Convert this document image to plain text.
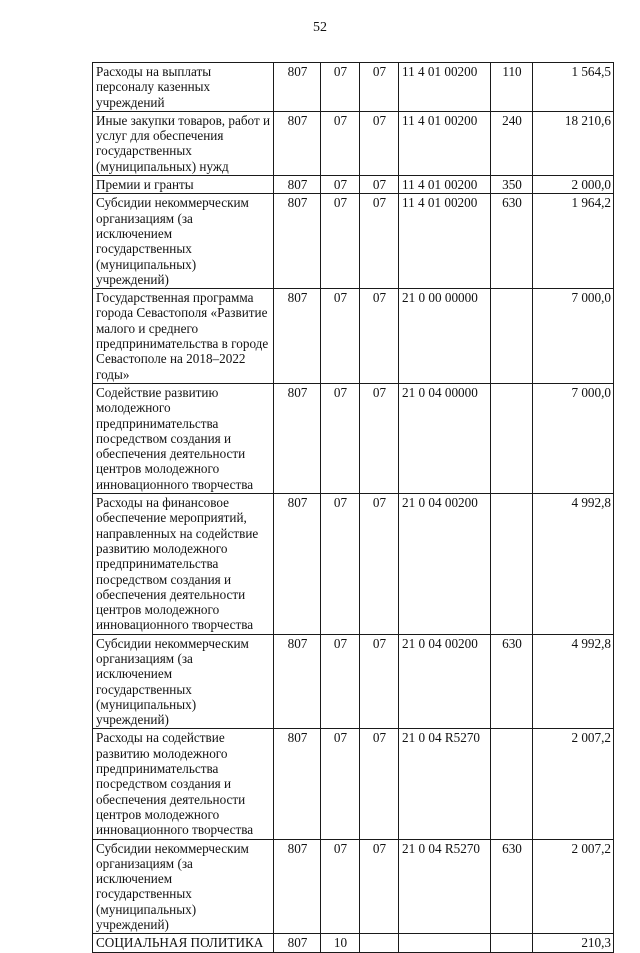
52
Расходы на выплаты персоналу казенных учреждений	807	07	07	11 4 01 00200	110	1 564,5
Иные закупки товаров, работ и услуг для обеспечения государственных (муниципальных) нужд	807	07	07	11 4 01 00200	240	18 210,6
Премии и гранты	807	07	07	11 4 01 00200	350	2 000,0
Субсидии некоммерческим организациям (за исключением государственных (муниципальных) учреждений)	807	07	07	11 4 01 00200	630	1 964,2
Государственная программа города Севастополя «Развитие малого и среднего предпринимательства в городе Севастополе на 2018–2022 годы»	807	07	07	21 0 00 00000		7 000,0
Содействие развитию молодежного предпринимательства посредством создания и обеспечения деятельности центров молодежного инновационного творчества	807	07	07	21 0 04 00000		7 000,0
Расходы на финансовое обеспечение мероприятий, направленных на содействие развитию молодежного предпринимательства посредством создания и обеспечения деятельности центров молодежного инновационного творчества	807	07	07	21 0 04 00200		4 992,8
Субсидии некоммерческим организациям (за исключением государственных (муниципальных) учреждений)	807	07	07	21 0 04 00200	630	4 992,8
Расходы на содействие развитию молодежного предпринимательства посредством создания и обеспечения деятельности центров молодежного инновационного творчества	807	07	07	21 0 04 R5270		2 007,2
Субсидии некоммерческим организациям (за исключением государственных (муниципальных) учреждений)	807	07	07	21 0 04 R5270	630	2 007,2
СОЦИАЛЬНАЯ ПОЛИТИКА	807	10				210,3
